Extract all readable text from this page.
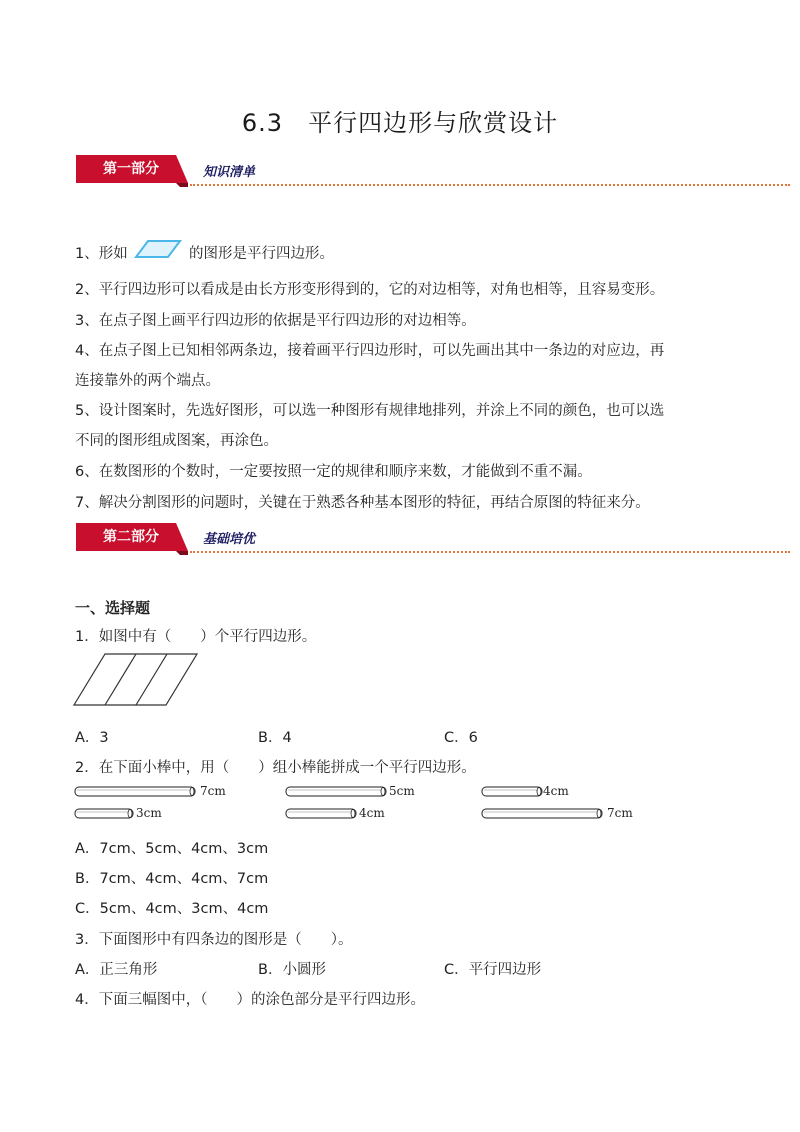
6.3　平行四边形与欣赏设计
第一部分	知识清单
1、形如	的图形是平行四边形。
2、平行四边形可以看成是由长方形变形得到的，它的对边相等，对角也相等，且容易变形。
3、在点子图上画平行四边形的依据是平行四边形的对边相等。
4、在点子图上已知相邻两条边，接着画平行四边形时，可以先画出其中一条边的对应边，再
连接靠外的两个端点。
5、设计图案时，先选好图形，可以选一种图形有规律地排列，并涂上不同的颜色，也可以选
不同的图形组成图案，再涂色。
6、在数图形的个数时，一定要按照一定的规律和顺序来数，才能做到不重不漏。
7、解决分割图形的问题时，关键在于熟悉各种基本图形的特征，再结合原图的特征来分。
第二部分	基础培优
一、选择题
1．如图中有（　　）个平行四边形。
A．3	B．4	C．6
2．在下面小棒中，用（　　）组小棒能拼成一个平行四边形。
7cm	5cm	4cm
3cm	4cm	7cm
A．7cm、5cm、4cm、3cm
B．7cm、4cm、4cm、7cm
C．5cm、4cm、3cm、4cm
3．下面图形中有四条边的图形是（　　）。
A．正三角形	B．小圆形	C．平行四边形
4．下面三幅图中，（　　）的涂色部分是平行四边形。
